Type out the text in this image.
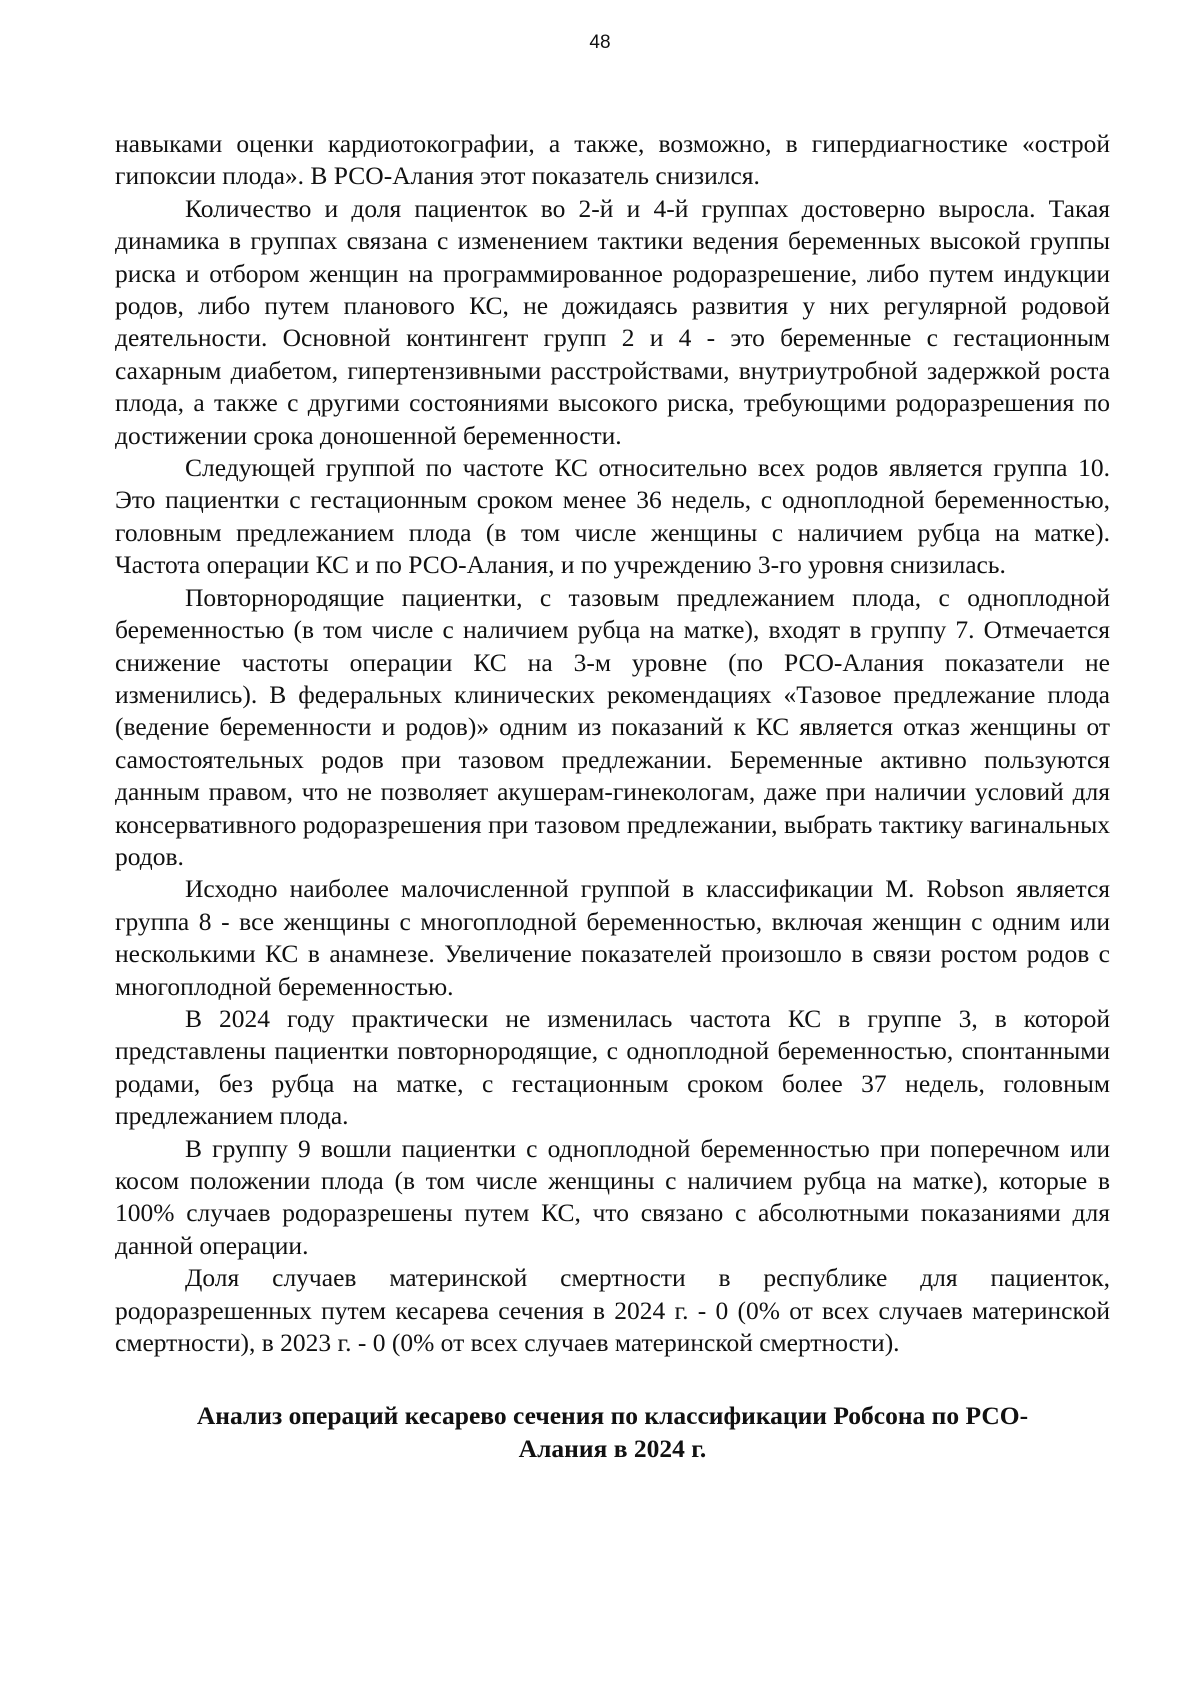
48

навыками оценки кардиотокографии, а также, возможно, в гипердиагностике «острой гипоксии плода». В РСО-Алания этот показатель снизился.

Количество и доля пациенток во 2-й и 4-й группах достоверно выросла. Такая динамика в группах связана с изменением тактики ведения беременных высокой группы риска и отбором женщин на программированное родоразрешение, либо путем индукции родов, либо путем планового КС, не дожидаясь развития у них регулярной родовой деятельности. Основной контингент групп 2 и 4 - это беременные с гестационным сахарным диабетом, гипертензивными расстройствами, внутриутробной задержкой роста плода, а также с другими состояниями высокого риска, требующими родоразрешения по достижении срока доношенной беременности.

Следующей группой по частоте КС относительно всех родов является группа 10. Это пациентки с гестационным сроком менее 36 недель, с одноплодной беременностью, головным предлежанием плода (в том числе женщины с наличием рубца на матке). Частота операции КС и по РСО-Алания, и по учреждению 3-го уровня снизилась.

Повторнородящие пациентки, с тазовым предлежанием плода, с одноплодной беременностью (в том числе с наличием рубца на матке), входят в группу 7. Отмечается снижение частоты операции КС на 3-м уровне (по РСО-Алания показатели не изменились). В федеральных клинических рекомендациях «Тазовое предлежание плода (ведение беременности и родов)» одним из показаний к КС является отказ женщины от самостоятельных родов при тазовом предлежании. Беременные активно пользуются данным правом, что не позволяет акушерам-гинекологам, даже при наличии условий для консервативного родоразрешения при тазовом предлежании, выбрать тактику вагинальных родов.

Исходно наиболее малочисленной группой в классификации M. Robson является группа 8 - все женщины с многоплодной беременностью, включая женщин с одним или несколькими КС в анамнезе. Увеличение показателей произошло в связи ростом родов с многоплодной беременностью.

В 2024 году практически не изменилась частота КС в группе 3, в которой представлены пациентки повторнородящие, с одноплодной беременностью, спонтанными родами, без рубца на матке, с гестационным сроком более 37 недель, головным предлежанием плода.

В группу 9 вошли пациентки с одноплодной беременностью при поперечном или косом положении плода (в том числе женщины с наличием рубца на матке), которые в 100% случаев родоразрешены путем КС, что связано с абсолютными показаниями для данной операции.

Доля случаев материнской смертности в республике для пациенток, родоразрешенных путем кесарева сечения в 2024 г. - 0 (0% от всех случаев материнской смертности), в 2023 г. - 0 (0% от всех случаев материнской смертности).

Анализ операций кесарево сечения по классификации Робсона по РСО-
Алания в 2024 г.
